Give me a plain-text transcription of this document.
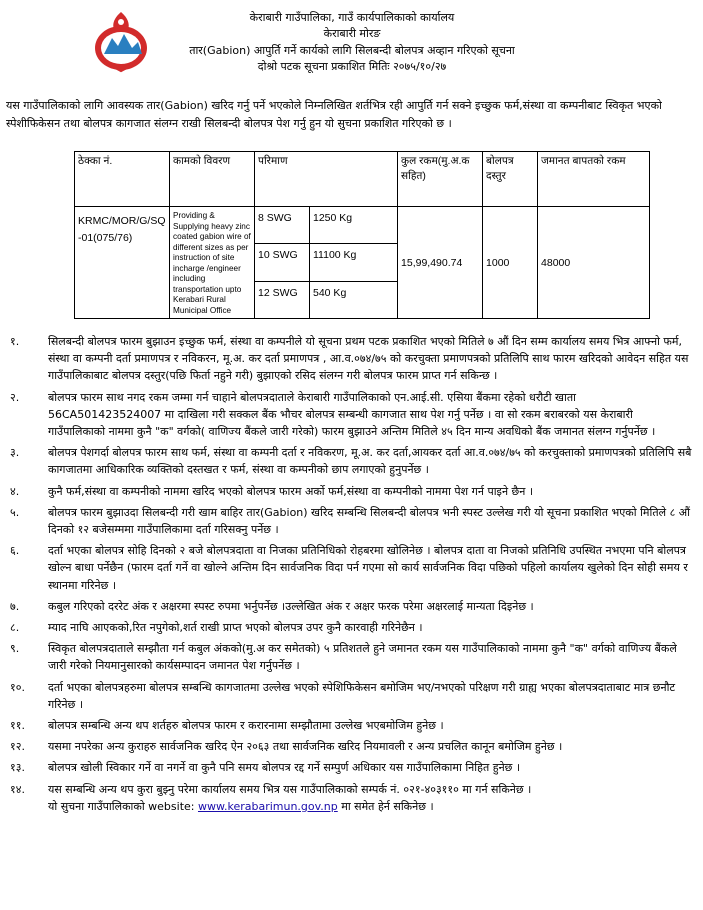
केराबारी गाउँपालिका, गाउँ कार्यपालिकाको कार्यालय
केराबारी मोरङ
तार(Gabion) आपुर्ति गर्ने कार्यको लागि सिलबन्दी बोलपत्र अव्हान गरिएको सूचना
दोश्रो पटक सूचना प्रकाशित मितिः २०७५/१०/२७
यस गाउँपालिकाको लागि आवस्यक तार(Gabion) खरिद गर्नु पर्ने भएकोले निम्नलिखित शर्तभित्र रही आपुर्ति गर्न सक्ने इच्छुक फर्म,संस्था वा कम्पनीबाट स्विकृत भएको स्पेशीफिकेसन तथा बोलपत्र कागजात संलग्न राखी सिलबन्दी बोलपत्र पेश गर्नु हुन यो सुचना प्रकाशित गरिएको छ ।
ठेक्का नं.	कामको विवरण	परिमाण		कुल रकम(मु.अ.क सहित)	बोलपत्र दस्तुर	जमानत बापतको रकम
KRMC/MOR/G/SQ-01(075/76)	Providing & Supplying heavy zinc coated gabion wire of different sizes as per instruction of site incharge /engineer including transportation upto Kerabari Rural Municipal Office	8 SWG	1250 Kg	15,99,490.74	1000	48000
		10 SWG	11100 Kg			
		12 SWG	540 Kg			
१.	सिलबन्दी बोलपत्र फारम बुझाउन इच्छुक फर्म, संस्था वा कम्पनीले यो सूचना प्रथम पटक प्रकाशित भएको मितिले ७ औं दिन सम्म कार्यालय समय भित्र आफ्नो फर्म, संस्था वा कम्पनी दर्ता प्रमाणपत्र र नविकरन, मू.अ. कर दर्ता प्रमाणपत्र , आ.व.०७४/७५ को करचुक्ता प्रमाणपत्रको प्रतिलिपि साथ फारम खरिदको आवेदन सहित यस गाउँपालिकाबाट बोलपत्र दस्तुर(पछि फिर्ता नहुने गरी) बुझाएको रसिद संलग्न गरी बोलपत्र फारम प्राप्त गर्न सकिन्छ ।
२.	बोलपत्र फारम साथ नगद रकम जम्मा गर्न चाहाने बोलपत्रदाताले केराबारी गाउँपालिकाको एन.आई.सी. एसिया बैंकमा रहेको धरौटी खाता 56CA501423524007 मा दाखिला गरी सक्कल बैंक भौचर बोलपत्र सम्बन्धी कागजात साथ पेश गर्नु पर्नेछ । वा सो रकम बराबरको यस केराबारी गाउँपालिकाको नाममा कुनै "क" वर्गको( वाणिज्य बैंकले जारी गरेको) फारम बुझाउने अन्तिम मितिले ४५ दिन मान्य अवधिको बैंक जमानत संलग्न गर्नुपर्नेछ ।
३.	बोलपत्र पेशगर्दा बोलपत्र फारम साथ फर्म, संस्था वा कम्पनी दर्ता र नविकरण, मू.अ. कर दर्ता,आयकर दर्ता आ.व.०७४/७५ को करचुक्ताको प्रमाणपत्रको प्रतिलिपि सबै कागजातमा आधिकारिक व्यक्तिको दस्तखत र फर्म, संस्था वा कम्पनीको छाप लगाएको हुनुपर्नेछ ।
४.	कुनै फर्म,संस्था वा कम्पनीको नाममा खरिद भएको बोलपत्र फारम अर्को फर्म,संस्था वा कम्पनीको नाममा पेश गर्न पाइने छैन ।
५.	बोलपत्र फारम बुझाउदा सिलबन्दी गरी खाम बाहिर तार(Gabion) खरिद सम्बन्धि सिलबन्दी बोलपत्र भनी स्पस्ट उल्लेख गरी यो सूचना प्रकाशित भएको मितिले ८ औं दिनको १२ बजेसम्ममा गाउँपालिकामा दर्ता गरिसक्नु पर्नेछ ।
६.	दर्ता भएका बोलपत्र सोहि दिनको २ बजे बोलपत्रदाता वा निजका प्रतिनिधिको रोहबरमा खोलिनेछ । बोलपत्र दाता वा निजको प्रतिनिधि उपस्थित नभएमा पनि बोलपत्र खोल्न बाधा पर्नेछैन (फारम दर्ता गर्ने वा खोल्ने अन्तिम दिन सार्वजनिक विदा पर्न गएमा सो कार्य सार्वजनिक विदा पछिको पहिलो कार्यालय खुलेको दिन सोही समय र स्थानमा गरिनेछ ।
७.	कबुल गरिएको दररेट अंक र अक्षरमा स्पस्ट रुपमा भर्नुपर्नेछ ।उल्लेखित अंक र अक्षर फरक परेमा अक्षरलाई मान्यता दिइनेछ ।
८.	म्याद नाघि आएकको,रित नपुगेको,शर्त राखी प्राप्त भएको बोलपत्र उपर कुनै कारवाही गरिनेछैन ।
९.	स्विकृत बोलपत्रदाताले सम्झौता गर्न कबुल अंकको(मु.अ कर समेतको) ५ प्रतिशतले हुने जमानत रकम यस गाउँपालिकाको नाममा कुनै "क" वर्गको वाणिज्य बैंकले जारी गरेको नियमानुसारको कार्यसम्पादन जमानत पेश गर्नुपर्नेछ ।
१०. दर्ता भएका बोलपत्रहरुमा बोलपत्र सम्बन्धि कागजातमा उल्लेख भएको स्पेशिफिकेसन बमोजिम भए/नभएको परिक्षण गरी ग्राह्य भएका बोलपत्रदाताबाट मात्र छनौट गरिनेछ ।
११. बोलपत्र सम्बन्धि अन्य थप शर्तहरु बोलपत्र फारम र करारनामा सम्झौतामा उल्लेख भएबमोजिम हुनेछ ।
१२. यसमा नपरेका अन्य कुराहरु सार्वजनिक खरिद ऐन २०६३ तथा सार्वजनिक खरिद नियमावली र अन्य प्रचलित कानून बमोजिम हुनेछ ।
१३. बोलपत्र खोली स्विकार गर्ने वा नगर्ने वा कुनै पनि समय बोलपत्र रद्द गर्ने सम्पुर्ण अधिकार यस गाउँपालिकामा निहित हुनेछ ।
१४. यस सम्बन्धि अन्य थप कुरा बुझ्नु परेमा कार्यालय समय भित्र यस गाउँपालिकाको सम्पर्क नं. ०२१-४०३११० मा गर्न सकिनेछ ।
यो सुचना गाउँपालिकाको website: www.kerabarimun.gov.np मा समेत हेर्न सकिनेछ ।
